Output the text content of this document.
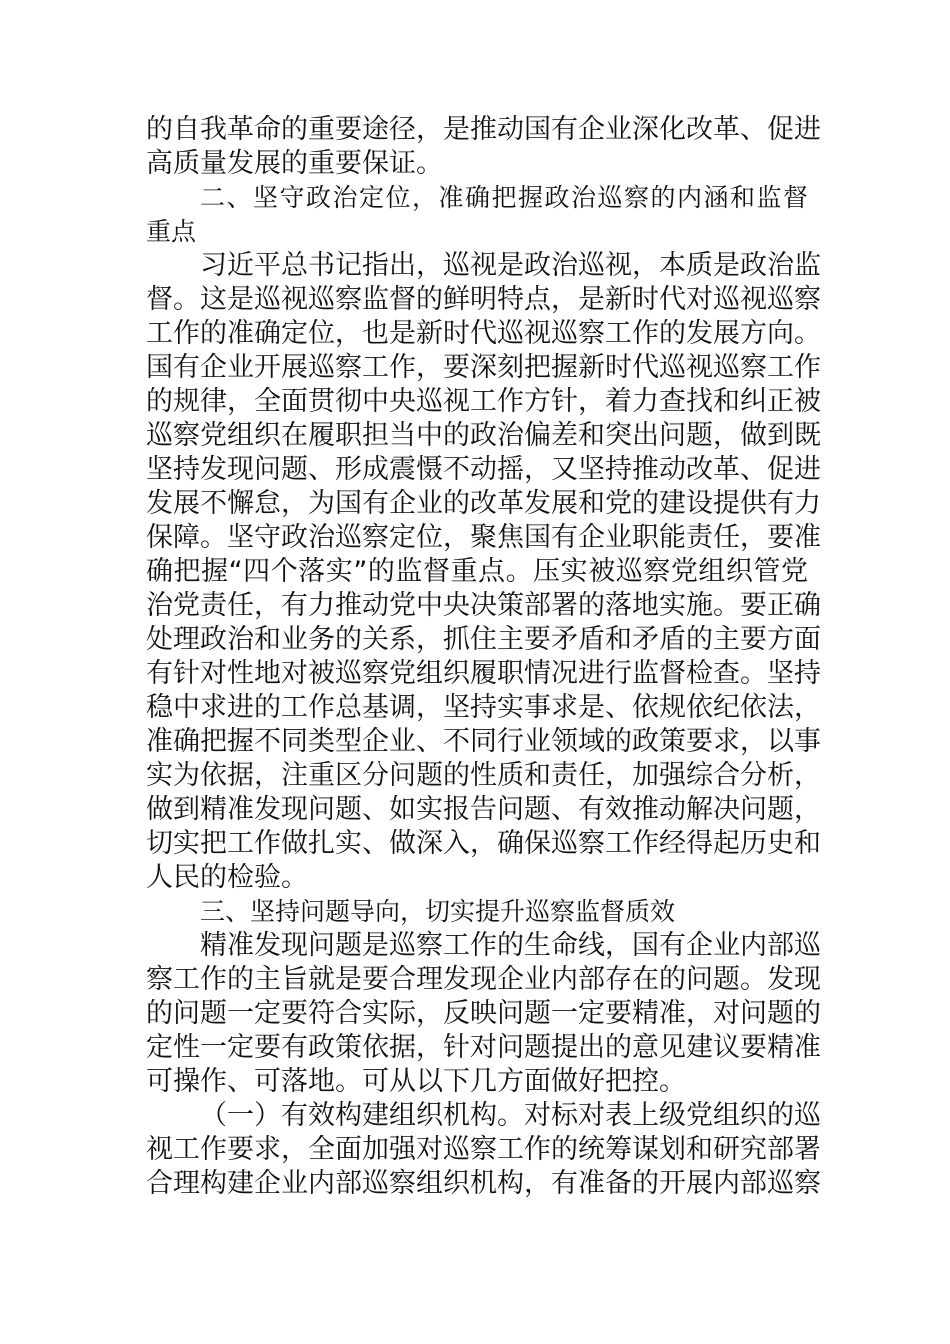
的自我革命的重要途径，是推动国有企业深化改革、促进
高质量发展的重要保证。
二、坚守政治定位，准确把握政治巡察的内涵和监督
重点
习近平总书记指出，巡视是政治巡视，本质是政治监
督。这是巡视巡察监督的鲜明特点，是新时代对巡视巡察
工作的准确定位，也是新时代巡视巡察工作的发展方向。
国有企业开展巡察工作，要深刻把握新时代巡视巡察工作
的规律，全面贯彻中央巡视工作方针，着力查找和纠正被
巡察党组织在履职担当中的政治偏差和突出问题，做到既
坚持发现问题、形成震慑不动摇，又坚持推动改革、促进
发展不懈怠，为国有企业的改革发展和党的建设提供有力
保障。坚守政治巡察定位，聚焦国有企业职能责任，要准
确把握“四个落实”的监督重点。压实被巡察党组织管党
治党责任，有力推动党中央决策部署的落地实施。要正确
处理政治和业务的关系，抓住主要矛盾和矛盾的主要方面
有针对性地对被巡察党组织履职情况进行监督检查。坚持
稳中求进的工作总基调，坚持实事求是、依规依纪依法，
准确把握不同类型企业、不同行业领域的政策要求，以事
实为依据，注重区分问题的性质和责任，加强综合分析，
做到精准发现问题、如实报告问题、有效推动解决问题，
切实把工作做扎实、做深入，确保巡察工作经得起历史和
人民的检验。
三、坚持问题导向，切实提升巡察监督质效
精准发现问题是巡察工作的生命线，国有企业内部巡
察工作的主旨就是要合理发现企业内部存在的问题。发现
的问题一定要符合实际，反映问题一定要精准，对问题的
定性一定要有政策依据，针对问题提出的意见建议要精准
可操作、可落地。可从以下几方面做好把控。
（一）有效构建组织机构。对标对表上级党组织的巡
视工作要求，全面加强对巡察工作的统筹谋划和研究部署
合理构建企业内部巡察组织机构，有准备的开展内部巡察
